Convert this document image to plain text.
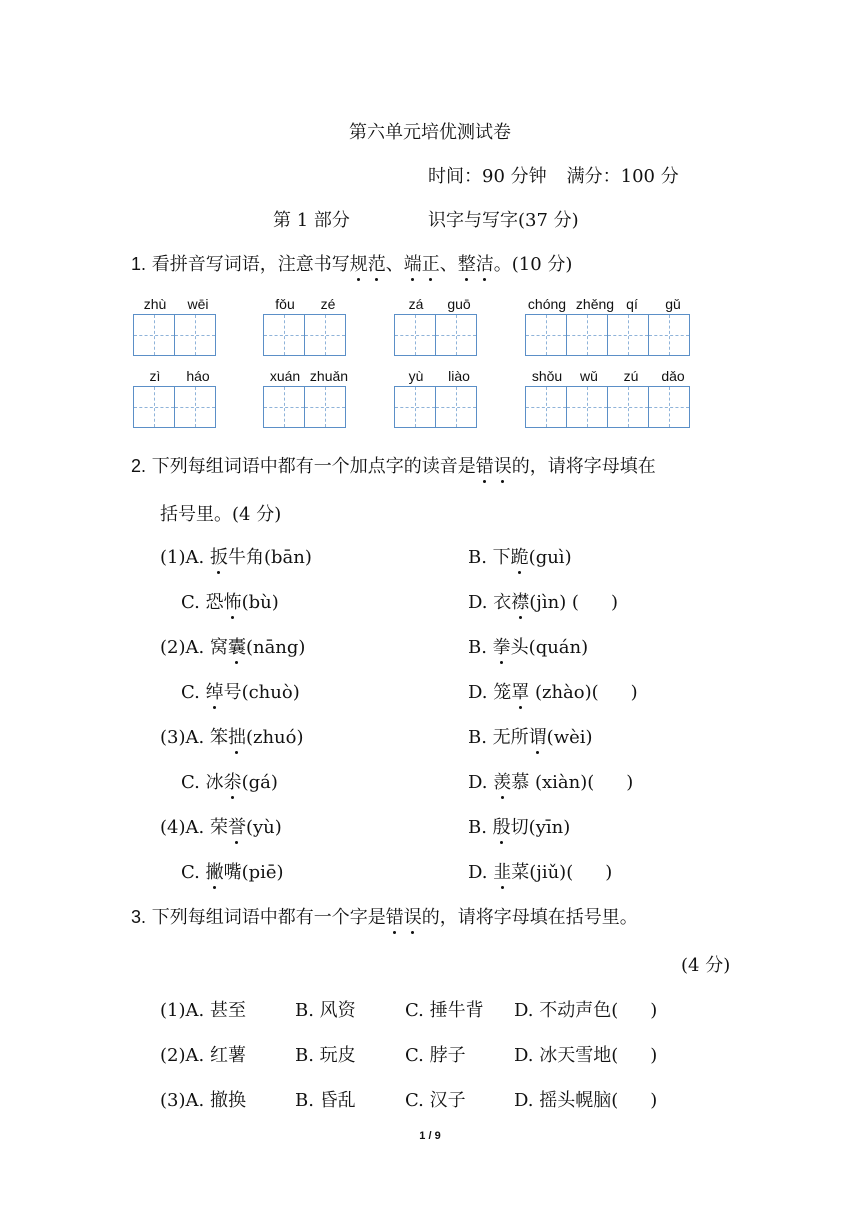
第六单元培优测试卷
时间：90 分钟 满分：100 分
第 1 部分	识字与写字(37 分)
1. 看拼音写词语，注意书写规范、端正、整洁。(10 分)
zhù wēi	fǒu zé	zá guō	chóng zhěng qí gǔ
zì háo	xuán zhuǎn	yù liào	shǒu wǔ zú dǎo
2. 下列每组词语中都有一个加点字的读音是错误的，请将字母填在
括号里。(4 分)
(1)A. 扳牛角(bān)	B. 下跪(guì)
C. 恐怖(bù)	D. 衣襟(jìn) ( )
(2)A. 窝囊(nāng)	B. 拳头(quán)
C. 绰号(chuò)	D. 笼罩 (zhào)( )
(3)A. 笨拙(zhuó)	B. 无所谓(wèi)
C. 冰尜(gá)	D. 羡慕 (xiàn)( )
(4)A. 荣誉(yù)	B. 殷切(yīn)
C. 撇嘴(piē)	D. 韭菜(jiǔ)( )
3. 下列每组词语中都有一个字是错误的，请将字母填在括号里。
(4 分)
(1)A. 甚至	B. 风资	C. 捶牛背 D. 不动声色( )
(2)A. 红薯	B. 玩皮	C. 脖子	D. 冰天雪地( )
(3)A. 撤换	B. 昏乱	C. 汉子	D. 摇头幌脑( )
1 / 9
